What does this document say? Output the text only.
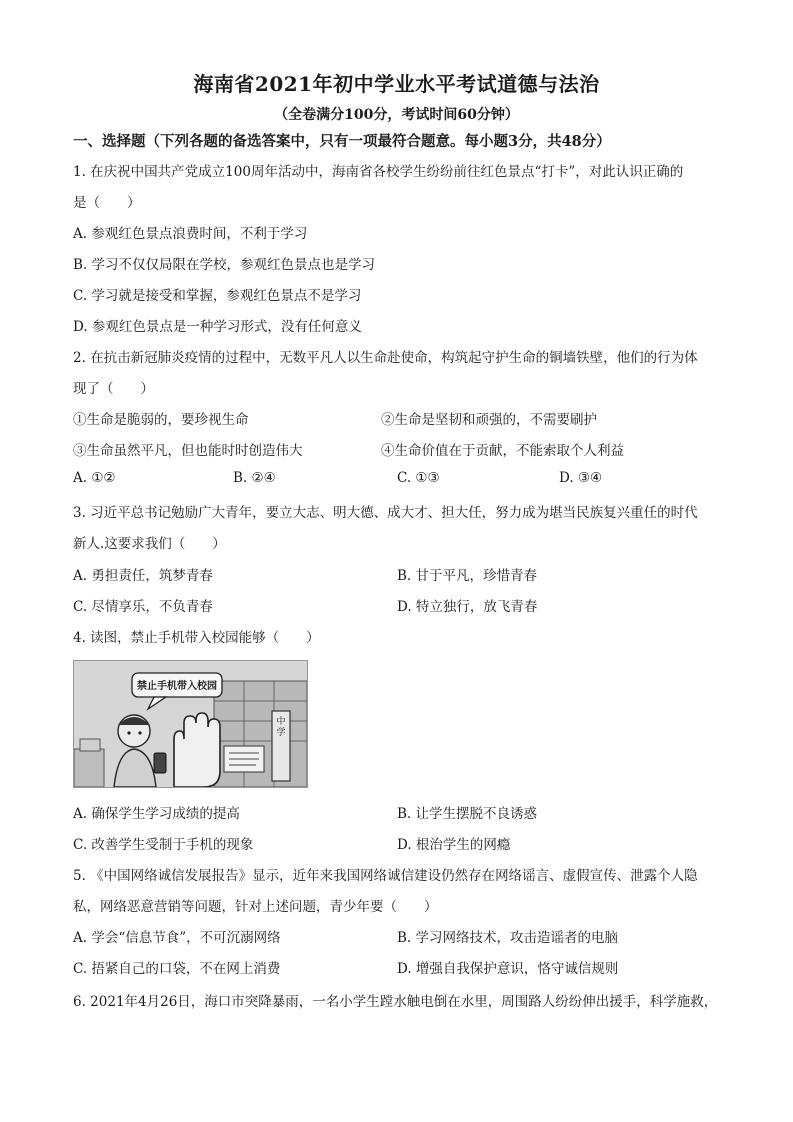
海南省2021年初中学业水平考试道德与法治
（全卷满分100分，考试时间60分钟）
一、选择题（下列各题的备选答案中，只有一项最符合题意。每小题3分，共48分）
1. 在庆祝中国共产党成立100周年活动中，海南省各校学生纷纷前往红色景点“打卡”，对此认识正确的
是（　　）
A. 参观红色景点浪费时间，不利于学习
B. 学习不仅仅局限在学校，参观红色景点也是学习
C. 学习就是接受和掌握，参观红色景点不是学习
D. 参观红色景点是一种学习形式，没有任何意义
2. 在抗击新冠肺炎疫情的过程中，无数平凡人以生命赴使命，构筑起守护生命的铜墙铁壁，他们的行为体
现了（　　）
①生命是脆弱的，要珍视生命	②生命是坚韧和顽强的，不需要刷护
③生命虽然平凡，但也能时时创造伟大	④生命价值在于贡献，不能索取个人利益
A. ①②	B. ②④	C. ①③	D. ③④
3. 习近平总书记勉励广大青年，要立大志、明大德、成大才、担大任，努力成为堪当民族复兴重任的时代
新人.这要求我们（　　）
A. 勇担责任，筑梦青春	B. 甘于平凡，珍惜青春
C. 尽情享乐，不负青春	D. 特立独行，放飞青春
4. 读图，禁止手机带入校园能够（　　）
禁止手机带入校园
中学
A. 确保学生学习成绩的提高	B. 让学生摆脱不良诱惑
C. 改善学生受制于手机的现象	D. 根治学生的网瘾
5. 《中国网络诚信发展报告》显示，近年来我国网络诚信建设仍然存在网络谣言、虚假宣传、泄露个人隐
私，网络恶意营销等问题，针对上述问题，青少年要（　　）
A. 学会“信息节食”，不可沉溺网络	B. 学习网络技术，攻击造谣者的电脑
C. 捂紧自己的口袋，不在网上消费	D. 增强自我保护意识，恪守诚信规则
6. 2021年4月26日，海口市突降暴雨，一名小学生蹚水触电倒在水里，周围路人纷纷伸出援手，科学施救，
